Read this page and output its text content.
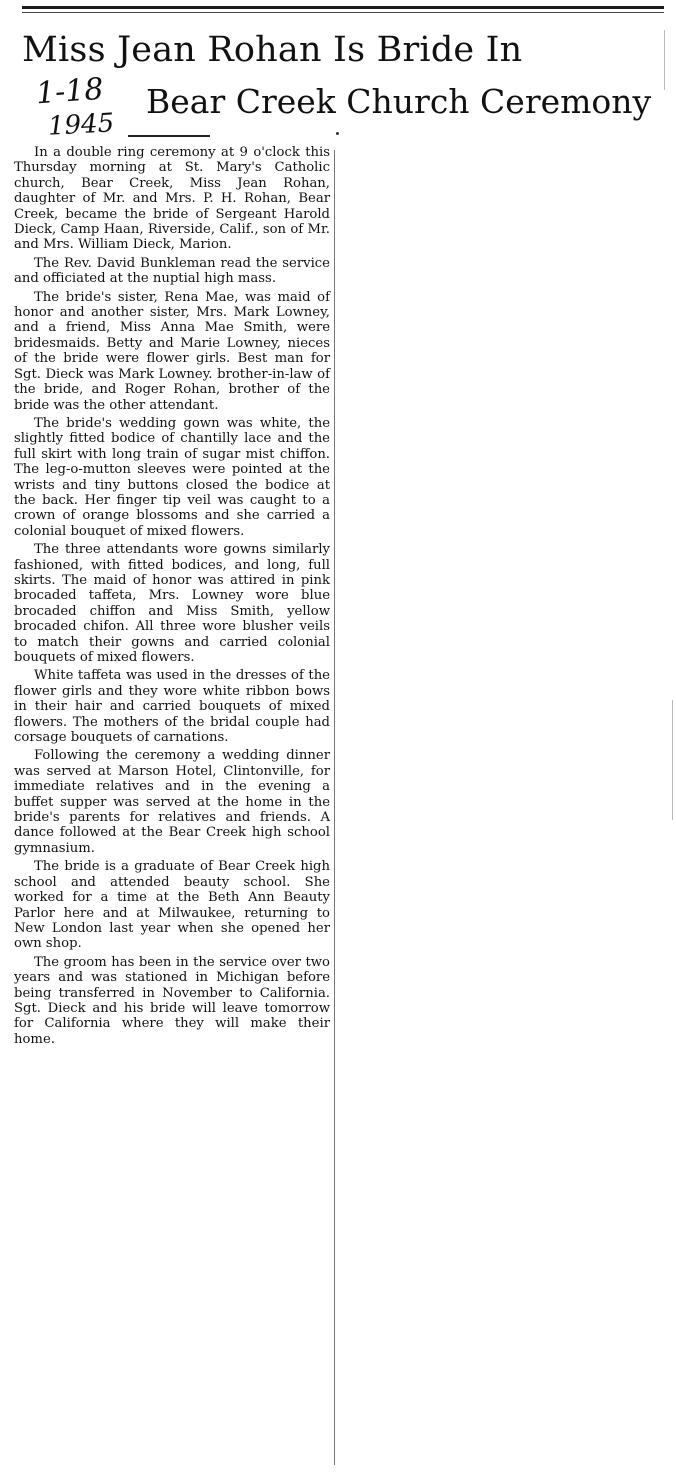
Miss Jean Rohan Is Bride In
1-18 Bear Creek Church Ceremony
1945

In a double ring ceremony at 9 o'clock this Thursday morning at St. Mary's Catholic church, Bear Creek, Miss Jean Rohan, daughter of Mr. and Mrs. P. H. Rohan, Bear Creek, became the bride of Sergeant Harold Dieck, Camp Haan, Riverside, Calif., son of Mr. and Mrs. William Dieck, Marion.

The Rev. David Bunkleman read the service and officiated at the nuptial high mass.

The bride's sister, Rena Mae, was maid of honor and another sister, Mrs. Mark Lowney, and a friend, Miss Anna Mae Smith, were bridesmaids. Betty and Marie Lowney, nieces of the bride were flower girls. Best man for Sgt. Dieck was Mark Lowney. brother-in-law of the bride, and Roger Rohan, brother of the bride was the other attendant.

The bride's wedding gown was white, the slightly fitted bodice of chantilly lace and the full skirt with long train of sugar mist chiffon. The leg-o-mutton sleeves were pointed at the wrists and tiny buttons closed the bodice at the back. Her finger tip veil was caught to a crown of orange blossoms and she carried a colonial bouquet of mixed flowers.

The three attendants wore gowns similarly fashioned, with fitted bodices, and long, full skirts. The maid of honor was attired in pink brocaded taffeta, Mrs. Lowney wore blue brocaded chiffon and Miss Smith, yellow brocaded chifon. All three wore blusher veils to match their gowns and carried colonial bouquets of mixed flowers.

White taffeta was used in the dresses of the flower girls and they wore white ribbon bows in their hair and carried bouquets of mixed flowers. The mothers of the bridal couple had corsage bouquets of carnations.

Following the ceremony a wedding dinner was served at Marson Hotel, Clintonville, for immediate relatives and in the evening a buffet supper was served at the home in the bride's parents for relatives and friends. A dance followed at the Bear Creek high school gymnasium.

The bride is a graduate of Bear Creek high school and attended beauty school. She worked for a time at the Beth Ann Beauty Parlor here and at Milwaukee, returning to New London last year when she opened her own shop.

The groom has been in the service over two years and was stationed in Michigan before being transferred in November to California. Sgt. Dieck and his bride will leave tomorrow for California where they will make their home.
